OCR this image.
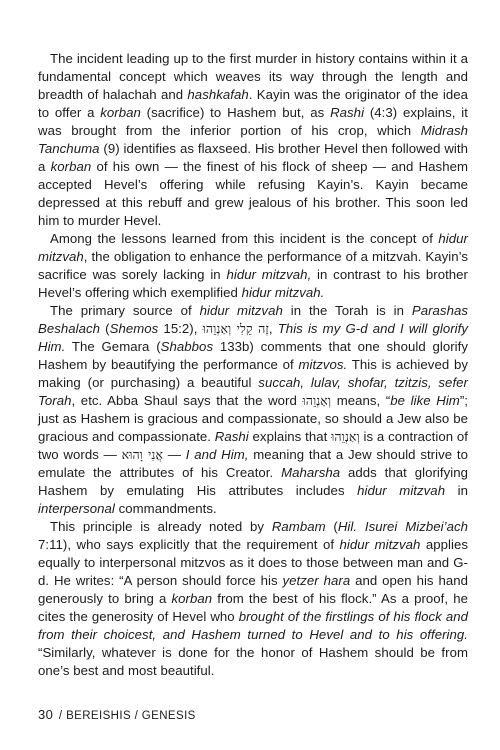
The incident leading up to the first murder in history contains within it a fundamental concept which weaves its way through the length and breadth of halachah and hashkafah. Kayin was the originator of the idea to offer a korban (sacrifice) to Hashem but, as Rashi (4:3) explains, it was brought from the inferior portion of his crop, which Midrash Tanchuma (9) identifies as flaxseed. His brother Hevel then followed with a korban of his own — the finest of his flock of sheep — and Hashem accepted Hevel’s offering while refusing Kayin’s. Kayin became depressed at this rebuff and grew jealous of his brother. This soon led him to murder Hevel.

Among the lessons learned from this incident is the concept of hidur mitzvah, the obligation to enhance the performance of a mitzvah. Kayin’s sacrifice was sorely lacking in hidur mitzvah, in contrast to his brother Hevel’s offering which exemplified hidur mitzvah.

The primary source of hidur mitzvah in the Torah is in Parashas Beshalach (Shemos 15:2), זֶה קֵלִי וְאַנְוֵהוּ, This is my G-d and I will glorify Him. The Gemara (Shabbos 133b) comments that one should glorify Hashem by beautifying the performance of mitzvos. This is achieved by making (or purchasing) a beautiful succah, lulav, shofar, tzitzis, sefer Torah, etc. Abba Shaul says that the word וְאַנְוֵהוּ means, “be like Him”; just as Hashem is gracious and compassionate, so should a Jew also be gracious and compassionate. Rashi explains that וְאַנְוֵהוּ is a contraction of two words — אֲנִי וָהוּא — I and Him, meaning that a Jew should strive to emulate the attributes of his Creator. Maharsha adds that glorifying Hashem by emulating His attributes includes hidur mitzvah in interpersonal commandments.

This principle is already noted by Rambam (Hil. Isurei Mizbei’ach 7:11), who says explicitly that the requirement of hidur mitzvah applies equally to interpersonal mitzvos as it does to those between man and G-d. He writes: “A person should force his yetzer hara and open his hand generously to bring a korban from the best of his flock.” As a proof, he cites the generosity of Hevel who brought of the firstlings of his flock and from their choicest, and Hashem turned to Hevel and to his offering. “Similarly, whatever is done for the honor of Hashem should be from one’s best and most beautiful.

30 / BEREISHIS / GENESIS
